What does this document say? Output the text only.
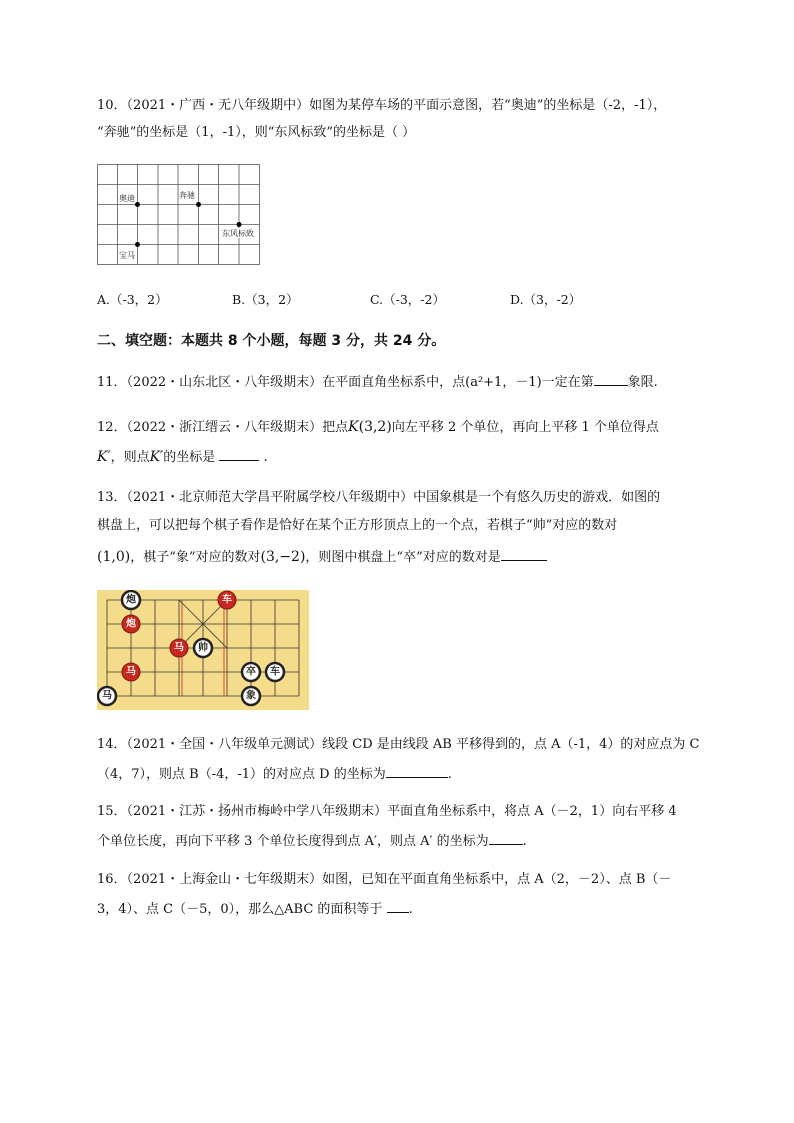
10．（2021・广西・无八年级期中）如图为某停车场的平面示意图，若“奥迪”的坐标是（-2，-1），
“奔驰”的坐标是（1，-1），则“东风标致”的坐标是（ ）
奥迪	奔驰
东风标致
宝马
A.（-3，2）	B.（3，2）	C.（-3，-2）	D.（3，-2）
二、填空题：本题共 8 个小题，每题 3 分，共 24 分。
11．（2022・山东北区・八年级期末）在平面直角坐标系中，点(a²+1，－1)一定在第	象限.
12．（2022・浙江缙云・八年级期末）把点K(3,2)向左平移 2 个单位，再向上平移 1 个单位得点
K′，则点K′的坐标是	.
13．（2021・北京师范大学昌平附属学校八年级期中）中国象棋是一个有悠久历史的游戏．如图的
棋盘上，可以把每个棋子看作是恰好在某个正方形顶点上的一个点，若棋子“帅”对应的数对
(1,0)，棋子“象”对应的数对(3,−2)，则图中棋盘上“卒”对应的数对是
炮
炮
车
马 帅
马	卒 车
象
马
14．（2021・全国・八年级单元测试）线段 CD 是由线段 AB 平移得到的，点 A（-1，4）的对应点为 C
（4，7），则点 B（-4，-1）的对应点 D 的坐标为	.
15．（2021・江苏・扬州市梅岭中学八年级期末）平面直角坐标系中，将点 A（－2，1）向右平移 4
个单位长度，再向下平移 3 个单位长度得到点 A′，则点 A′ 的坐标为	.
16．（2021・上海金山・七年级期末）如图，已知在平面直角坐标系中，点 A（2，－2）、点 B（－
3，4）、点 C（－5，0），那么△ABC 的面积等于 .
